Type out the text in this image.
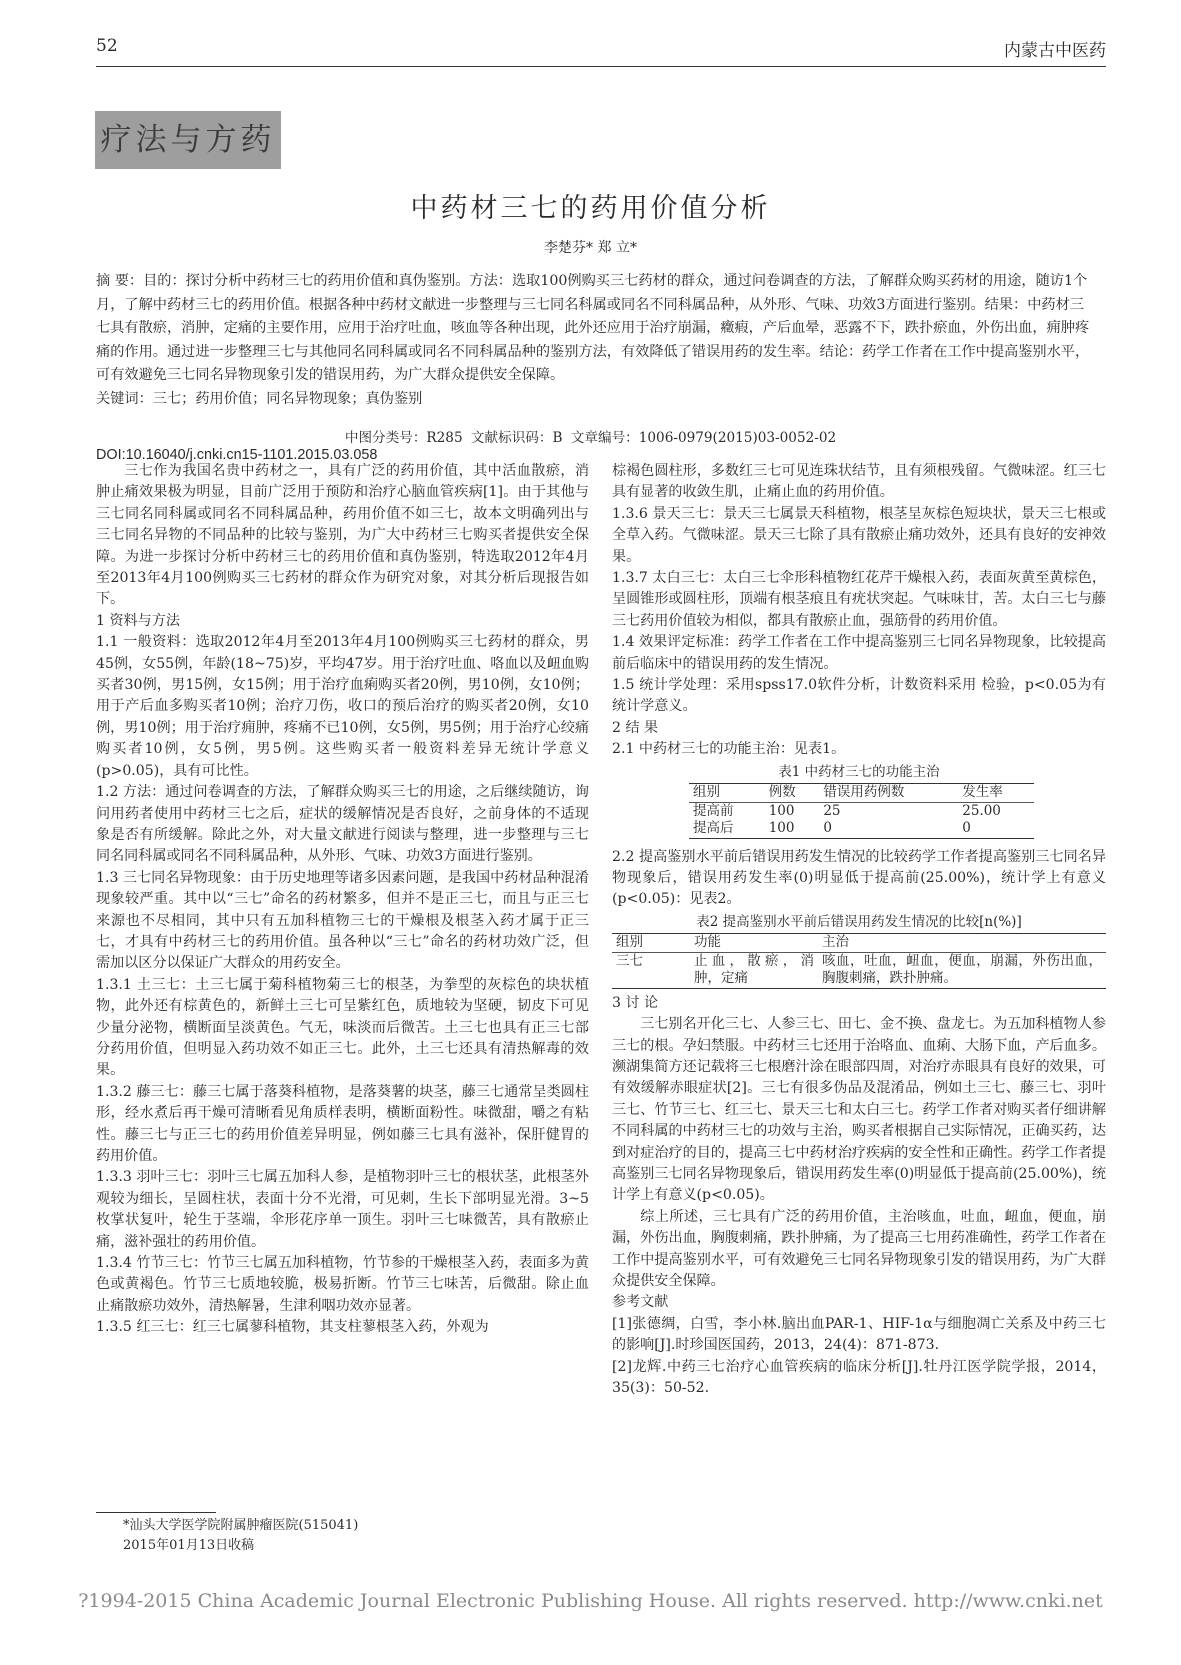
52	内蒙古中医药
疗法与方药
中药材三七的药用价值分析
李楚芬* 郑 立*

摘 要：目的：探讨分析中药材三七的药用价值和真伪鉴别。方法：选取100例购买三七药材的群众，通过问卷调查的方法，了解群众购买药材的用途，随访1个月，了解中药材三七的药用价值。根据各种中药材文献进一步整理与三七同名科属或同名不同科属品种，从外形、气味、功效3方面进行鉴别。结果：中药材三七具有散瘀，消肿，定痛的主要作用，应用于治疗吐血，咳血等各种出现，此外还应用于治疗崩漏，癥瘕，产后血晕，恶露不下，跌扑瘀血，外伤出血，痈肿疼痛的作用。通过进一步整理三七与其他同名同科属或同名不同科属品种的鉴别方法，有效降低了错误用药的发生率。结论：药学工作者在工作中提高鉴别水平，可有效避免三七同名异物现象引发的错误用药，为广大群众提供安全保障。

关键词：三七；药用价值；同名异物现象；真伪鉴别

中图分类号：R285 文献标识码：B 文章编号：1006-0979(2015)03-0052-02
DOI:10.16040/j.cnki.cn15-1101.2015.03.058

三七作为我国名贵中药材之一，具有广泛的药用价值，其中活血散瘀，消肿止痛效果极为明显，目前广泛用于预防和治疗心脑血管疾病[1]。由于其他与三七同名同科属或同名不同科属品种，药用价值不如三七，故本文明确列出与三七同名异物的不同品种的比较与鉴别，为广大中药材三七购买者提供安全保障。为进一步探讨分析中药材三七的药用价值和真伪鉴别，特选取2012年4月至2013年4月100例购买三七药材的群众作为研究对象，对其分析后现报告如下。

1 资料与方法

1.1 一般资料：选取2012年4月至2013年4月100例购买三七药材的群众，男45例，女55例，年龄(18~75)岁，平均47岁。用于治疗吐血、咯血以及衄血购买者30例，男15例，女15例；用于治疗血痢购买者20例，男10例，女10例；用于产后血多购买者10例；治疗刀伤，收口的预后治疗的购买者20例，女10例，男10例；用于治疗痈肿，疼痛不已10例，女5例，男5例；用于治疗心绞痛购买者10例，女5例，男5例。这些购买者一般资料差异无统计学意义(p>0.05)，具有可比性。

1.2 方法：通过问卷调查的方法，了解群众购买三七的用途，之后继续随访，询问用药者使用中药材三七之后，症状的缓解情况是否良好，之前身体的不适现象是否有所缓解。除此之外，对大量文献进行阅读与整理，进一步整理与三七同名同科属或同名不同科属品种，从外形、气味、功效3方面进行鉴别。

1.3 三七同名异物现象：由于历史地理等诸多因素问题，是我国中药材品种混淆现象较严重。其中以“三七”命名的药材繁多，但并不是正三七，而且与正三七来源也不尽相同，其中只有五加科植物三七的干燥根及根茎入药才属于正三七，才具有中药材三七的药用价值。虽各种以“三七”命名的药材功效广泛，但需加以区分以保证广大群众的用药安全。

1.3.1 土三七：土三七属于菊科植物菊三七的根茎，为拳型的灰棕色的块状植物，此外还有棕黄色的，新鲜土三七可呈紫红色，质地较为坚硬，韧皮下可见少量分泌物，横断面呈淡黄色。气无，味淡而后微苦。土三七也具有正三七部分药用价值，但明显入药功效不如正三七。此外，土三七还具有清热解毒的效果。

1.3.2 藤三七：藤三七属于落葵科植物，是落葵薯的块茎，藤三七通常呈类圆柱形，经水煮后再干燥可清晰看见角质样表明，横断面粉性。味微甜，嚼之有粘性。藤三七与正三七的药用价值差异明显，例如藤三七具有滋补，保肝健胃的药用价值。

1.3.3 羽叶三七：羽叶三七属五加科人参，是植物羽叶三七的根状茎，此根茎外观较为细长，呈圆柱状，表面十分不光滑，可见刺，生长下部明显光滑。3~5枚掌状复叶，轮生于茎端，伞形花序单一顶生。羽叶三七味微苦，具有散瘀止痛，滋补强壮的药用价值。

1.3.4 竹节三七：竹节三七属五加科植物，竹节参的干燥根茎入药，表面多为黄色或黄褐色。竹节三七质地较脆，极易折断。竹节三七味苦，后微甜。除止血止痛散瘀功效外，清热解暑，生津利咽功效亦显著。

1.3.5 红三七：红三七属蓼科植物，其支柱蓼根茎入药，外观为

棕褐色圆柱形，多数红三七可见连珠状结节，且有须根残留。气微味涩。红三七具有显著的收敛生肌，止痛止血的药用价值。

1.3.6 景天三七：景天三七属景天科植物，根茎呈灰棕色短块状，景天三七根或全草入药。气微味涩。景天三七除了具有散瘀止痛功效外，还具有良好的安神效果。

1.3.7 太白三七：太白三七伞形科植物红花芹干燥根入药，表面灰黄至黄棕色，呈圆锥形或圆柱形，顶端有根茎痕且有疣状突起。气味味甘，苦。太白三七与藤三七药用价值较为相似，都具有散瘀止血，强筋骨的药用价值。

1.4 效果评定标准：药学工作者在工作中提高鉴别三七同名异物现象，比较提高前后临床中的错误用药的发生情况。

1.5 统计学处理：采用spss17.0软件分析，计数资料采用 检验，p<0.05为有统计学意义。

2 结 果

2.1 中药材三七的功能主治：见表1。

表1 中药材三七的功能主治
组别	例数	错误用药例数	发生率
提高前	100	25	25.00
提高后	100	0	0

2.2 提高鉴别水平前后错误用药发生情况的比较药学工作者提高鉴别三七同名异物现象后，错误用药发生率(0)明显低于提高前(25.00%)，统计学上有意义(p<0.05)：见表2。

表2 提高鉴别水平前后错误用药发生情况的比较[n(%)]
组别	功能	主治
三七	止血，散瘀，消肿，定痛	咳血，吐血，衄血，便血，崩漏，外伤出血，胸腹刺痛，跌扑肿痛。

3 讨 论

三七别名开化三七、人参三七、田七、金不换、盘龙七。为五加科植物人参三七的根。孕妇禁服。中药材三七还用于治咯血、血痢、大肠下血，产后血多。濒湖集简方还记载将三七根磨汁涂在眼部四周，对治疗赤眼具有良好的效果，可有效缓解赤眼症状[2]。三七有很多伪品及混淆品，例如土三七、藤三七、羽叶三七、竹节三七、红三七、景天三七和太白三七。药学工作者对购买者仔细讲解不同科属的中药材三七的功效与主治，购买者根据自己实际情况，正确买药，达到对症治疗的目的，提高三七中药材治疗疾病的安全性和正确性。药学工作者提高鉴别三七同名异物现象后，错误用药发生率(0)明显低于提高前(25.00%)，统计学上有意义(p<0.05)。

综上所述，三七具有广泛的药用价值，主治咳血，吐血，衄血，便血，崩漏，外伤出血，胸腹刺痛，跌扑肿痛，为了提高三七用药准确性，药学工作者在工作中提高鉴别水平，可有效避免三七同名异物现象引发的错误用药，为广大群众提供安全保障。

参考文献

[1]张德绸，白雪，李小林.脑出血PAR-1、HIF-1α与细胞凋亡关系及中药三七的影响[J].时珍国医国药，2013，24(4)：871-873.

[2]龙辉.中药三七治疗心血管疾病的临床分析[J].牡丹江医学院学报，2014，35(3)：50-52.

*汕头大学医学院附属肿瘤医院(515041)
2015年01月13日收稿
?1994-2015 China Academic Journal Electronic Publishing House. All rights reserved. http://www.cnki.net
